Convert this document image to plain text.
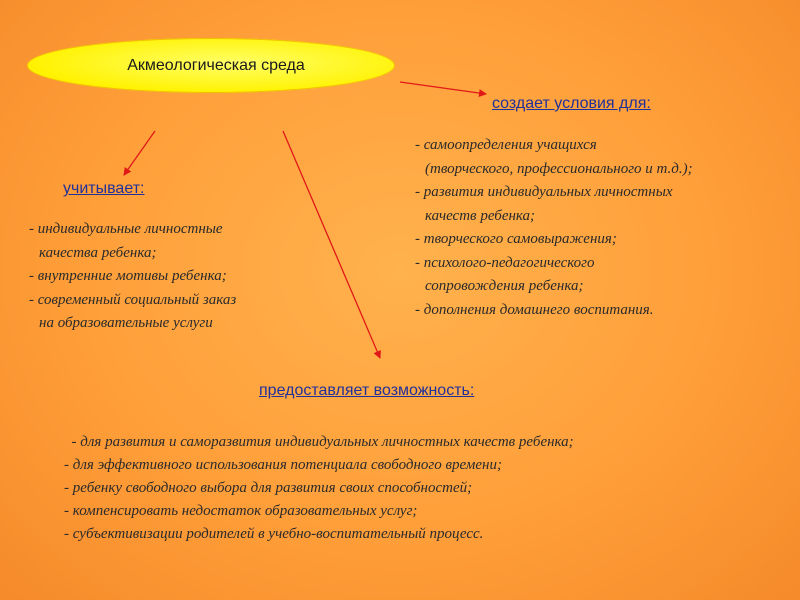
Акмеологическая среда
создает условия для:
- самоопределения учащихся
(творческого, профессионального и т.д.);
- развития индивидуальных личностных
качеств ребенка;
- творческого самовыражения;
- психолого-педагогического
сопровождения ребенка;
- дополнения домашнего воспитания.
учитывает:
- индивидуальные личностные
качества ребенка;
- внутренние мотивы ребенка;
- современный социальный заказ
на образовательные услуги
предоставляет возможность:
- для развития и саморазвития индивидуальных личностных качеств ребенка;
- для эффективного использования потенциала свободного времени;
- ребенку свободного выбора для развития своих способностей;
- компенсировать недостаток образовательных услуг;
- субъективизации родителей в учебно-воспитательный процесс.
